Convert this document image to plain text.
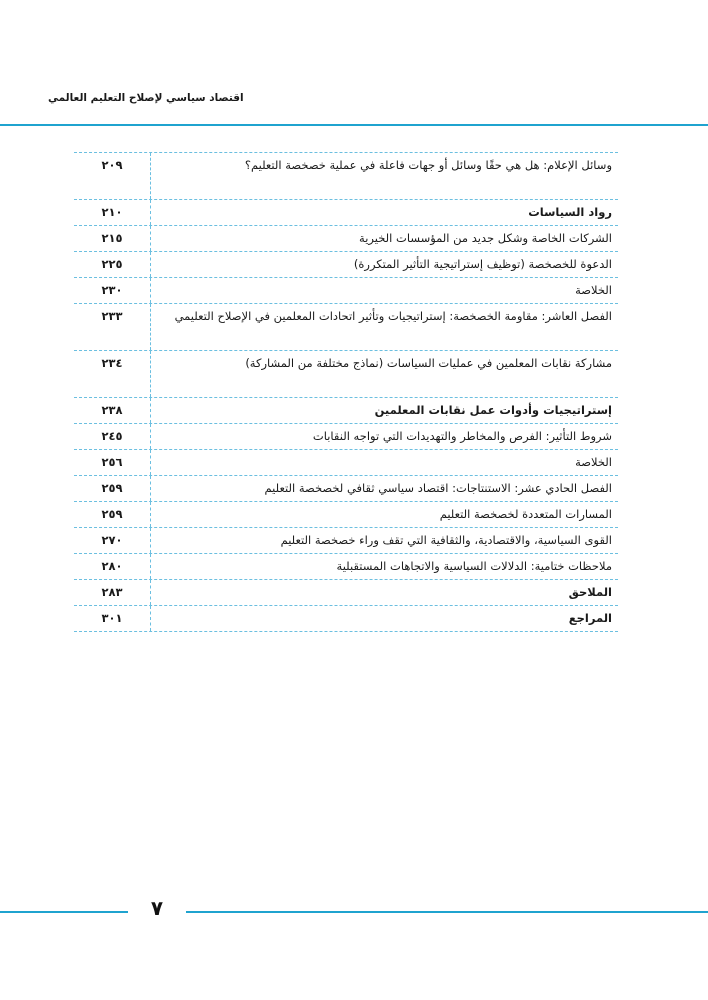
اقتصاد سياسي لإصلاح التعليم العالمي
وسائل الإعلام: هل هي حقًا وسائل أو جهات فاعلة في عملية خصخصة التعليم؟
٢٠٩
رواد السياسات
٢١٠
الشركات الخاصة وشكل جديد من المؤسسات الخيرية
٢١٥
الدعوة للخصخصة (توظيف إستراتيجية التأثير المتكررة)
٢٢٥
الخلاصة
٢٣٠
الفصل العاشر: مقاومة الخصخصة: إستراتيجيات وتأثير اتحادات المعلمين في الإصلاح التعليمي
٢٣٣
مشاركة نقابات المعلمين في عمليات السياسات (نماذج مختلفة من المشاركة)
٢٣٤
إستراتيجيات وأدوات عمل نقابات المعلمين
٢٣٨
شروط التأثير: الفرص والمخاطر والتهديدات التي تواجه النقابات
٢٤٥
الخلاصة
٢٥٦
الفصل الحادي عشر: الاستنتاجات: اقتصاد سياسي ثقافي لخصخصة التعليم
٢٥٩
المسارات المتعددة لخصخصة التعليم
٢٥٩
القوى السياسية، والاقتصادية، والثقافية التي تقف وراء خصخصة التعليم
٢٧٠
ملاحظات ختامية: الدلالات السياسية والاتجاهات المستقبلية
٢٨٠
الملاحق
٢٨٣
المراجع
٣٠١
٧
